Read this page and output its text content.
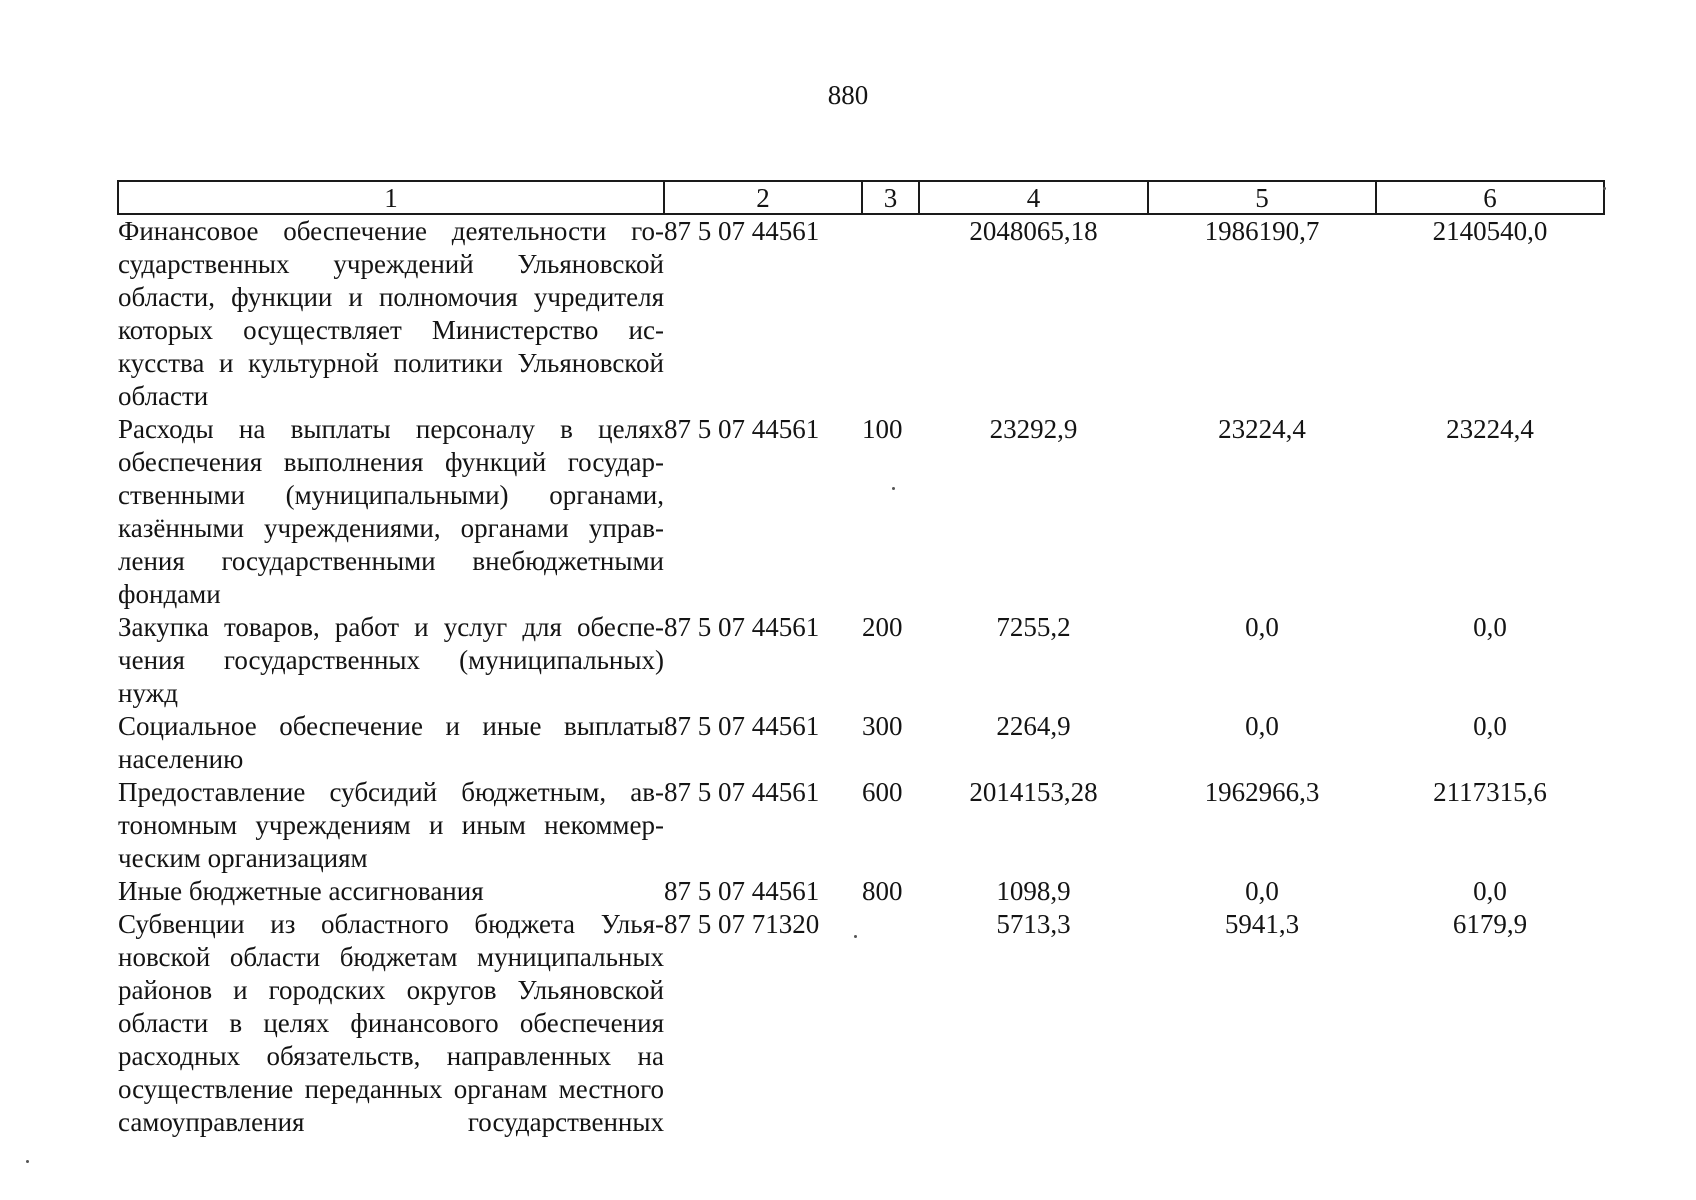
880
1	2	3	4	5	6
Финансовое обеспечение деятельности государственных учреждений Ульяновской области, функции и полномочия учредителя которых осуществляет Министерство искусства и культурной политики Ульяновской области	87 5 07 44561		2048065,18	1986190,7	2140540,0
Расходы на выплаты персоналу в целях обеспечения выполнения функций государственными (муниципальными) органами, казёнными учреждениями, органами управления государственными внебюджетными фондами	87 5 07 44561	100	23292,9	23224,4	23224,4
Закупка товаров, работ и услуг для обеспечения государственных (муниципальных) нужд	87 5 07 44561	200	7255,2	0,0	0,0
Социальное обеспечение и иные выплаты населению	87 5 07 44561	300	2264,9	0,0	0,0
Предоставление субсидий бюджетным, автономным учреждениям и иным некоммерческим организациям	87 5 07 44561	600	2014153,28	1962966,3	2117315,6
Иные бюджетные ассигнования	87 5 07 44561	800	1098,9	0,0	0,0
Субвенции из областного бюджета Ульяновской области бюджетам муниципальных районов и городских округов Ульяновской области в целях финансового обеспечения расходных обязательств, направленных на осуществление переданных органам местного самоуправления государственных	87 5 07 71320		5713,3	5941,3	6179,9
